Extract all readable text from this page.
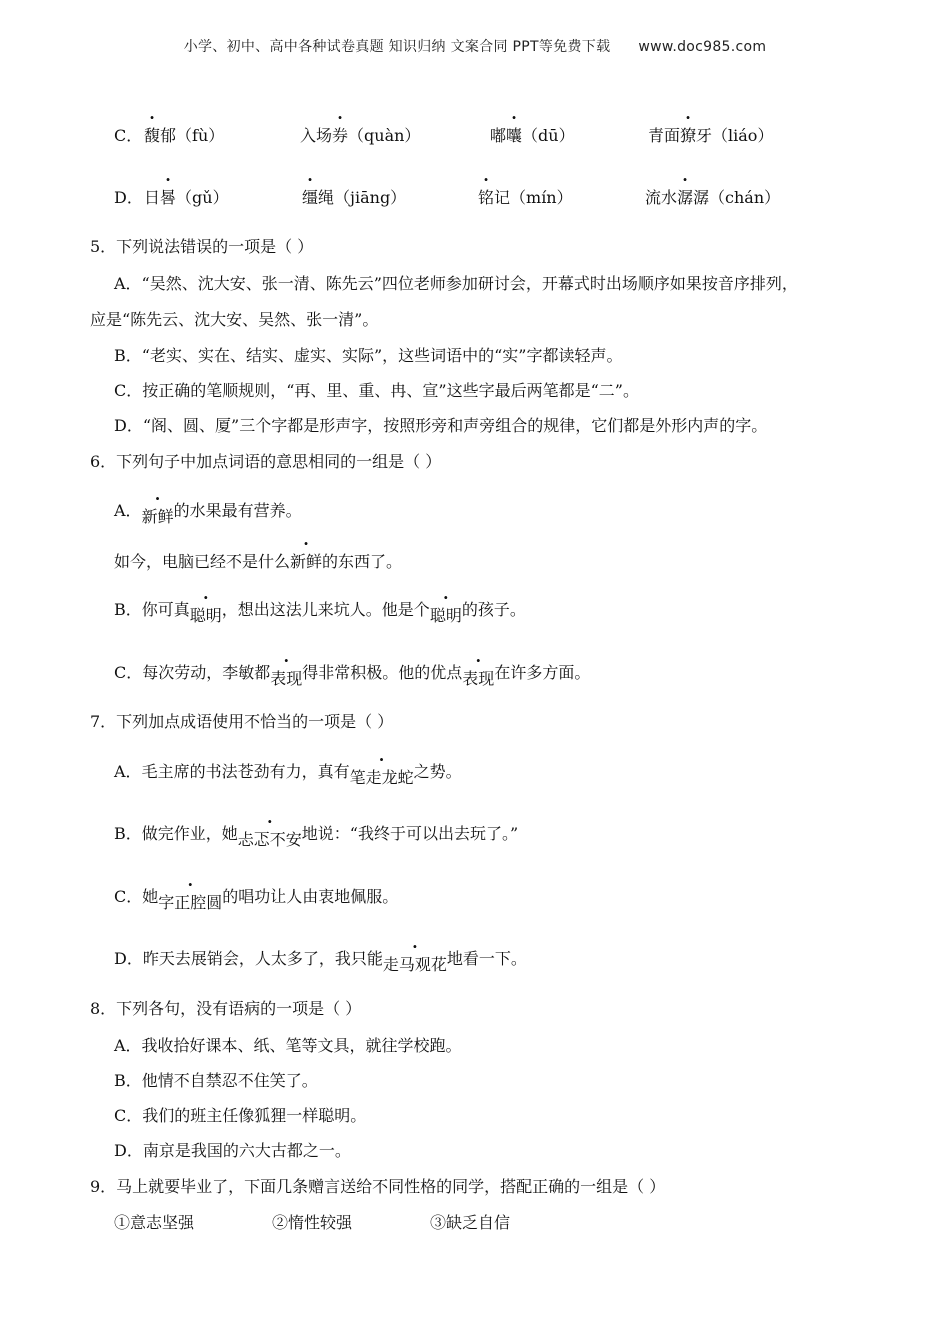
小学、初中、高中各种试卷真题 知识归纳 文案合同 PPT等免费下载 www.doc985.com
C． 馥郁（fù）	入场券（quàn）	嘟囔（dū）	青面獠牙（liáo）
D． 日晷（gǔ）	缰绳（jiāng）	铭记（mín）	流水潺潺（chán）
5．下列说法错误的一项是（ ）
A．“吴然、沈大安、张一清、陈先云”四位老师参加研讨会，开幕式时出场顺序如果按音序排列，
应是“陈先云、沈大安、吴然、张一清”。
B．“老实、实在、结实、虚实、实际”，这些词语中的“实”字都读轻声。
C．按正确的笔顺规则，“再、里、重、冉、宣”这些字最后两笔都是“二”。
D．“阁、圆、厦”三个字都是形声字，按照形旁和声旁组合的规律，它们都是外形内声的字。
6．下列句子中加点词语的意思相同的一组是（ ）
A．新鲜的水果最有营养。
如今，电脑已经不是什么新鲜的东西了。
B．你可真聪明，想出这法儿来坑人。他是个聪明的孩子。
C．每次劳动，李敏都表现得非常积极。他的优点表现在许多方面。
7．下列加点成语使用不恰当的一项是（ ）
A．毛主席的书法苍劲有力，真有笔走龙蛇之势。
B．做完作业，她忐忑不安地说：“我终于可以出去玩了。”
C．她字正腔圆的唱功让人由衷地佩服。
D．昨天去展销会，人太多了，我只能走马观花地看一下。
8．下列各句，没有语病的一项是（ ）
A．我收拾好课本、纸、笔等文具，就往学校跑。
B．他情不自禁忍不住笑了。
C．我们的班主任像狐狸一样聪明。
D．南京是我国的六大古都之一。
9．马上就要毕业了，下面几条赠言送给不同性格的同学，搭配正确的一组是（ ）
①意志坚强	②惰性较强	③缺乏自信
